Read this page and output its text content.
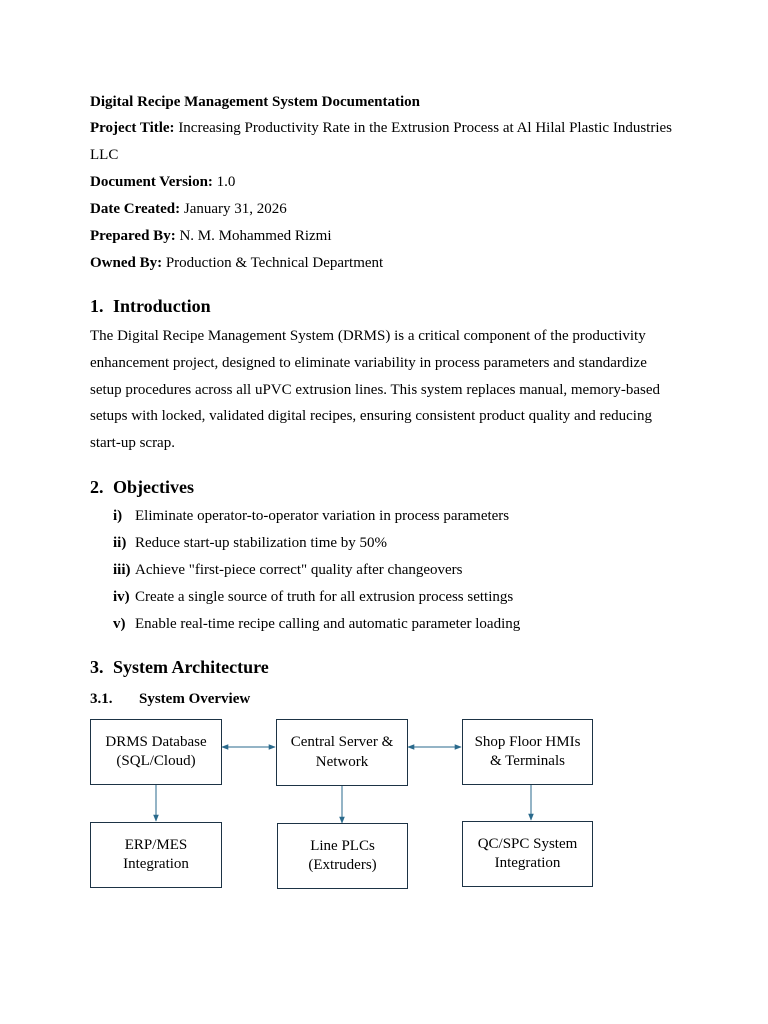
Digital Recipe Management System Documentation
Project Title: Increasing Productivity Rate in the Extrusion Process at Al Hilal Plastic Industries
LLC
Document Version: 1.0
Date Created: January 31, 2026
Prepared By: N. M. Mohammed Rizmi
Owned By: Production & Technical Department
1. Introduction
The Digital Recipe Management System (DRMS) is a critical component of the productivity
enhancement project, designed to eliminate variability in process parameters and standardize
setup procedures across all uPVC extrusion lines. This system replaces manual, memory-based
setups with locked, validated digital recipes, ensuring consistent product quality and reducing
start-up scrap.
2. Objectives
i) Eliminate operator-to-operator variation in process parameters
ii) Reduce start-up stabilization time by 50%
iii) Achieve "first-piece correct" quality after changeovers
iv) Create a single source of truth for all extrusion process settings
v) Enable real-time recipe calling and automatic parameter loading
3. System Architecture
3.1. System Overview
DRMS Database
(SQL/Cloud)
Central Server &
Network
Shop Floor HMIs
& Terminals
ERP/MES
Integration
Line PLCs
(Extruders)
QC/SPC System
Integration
